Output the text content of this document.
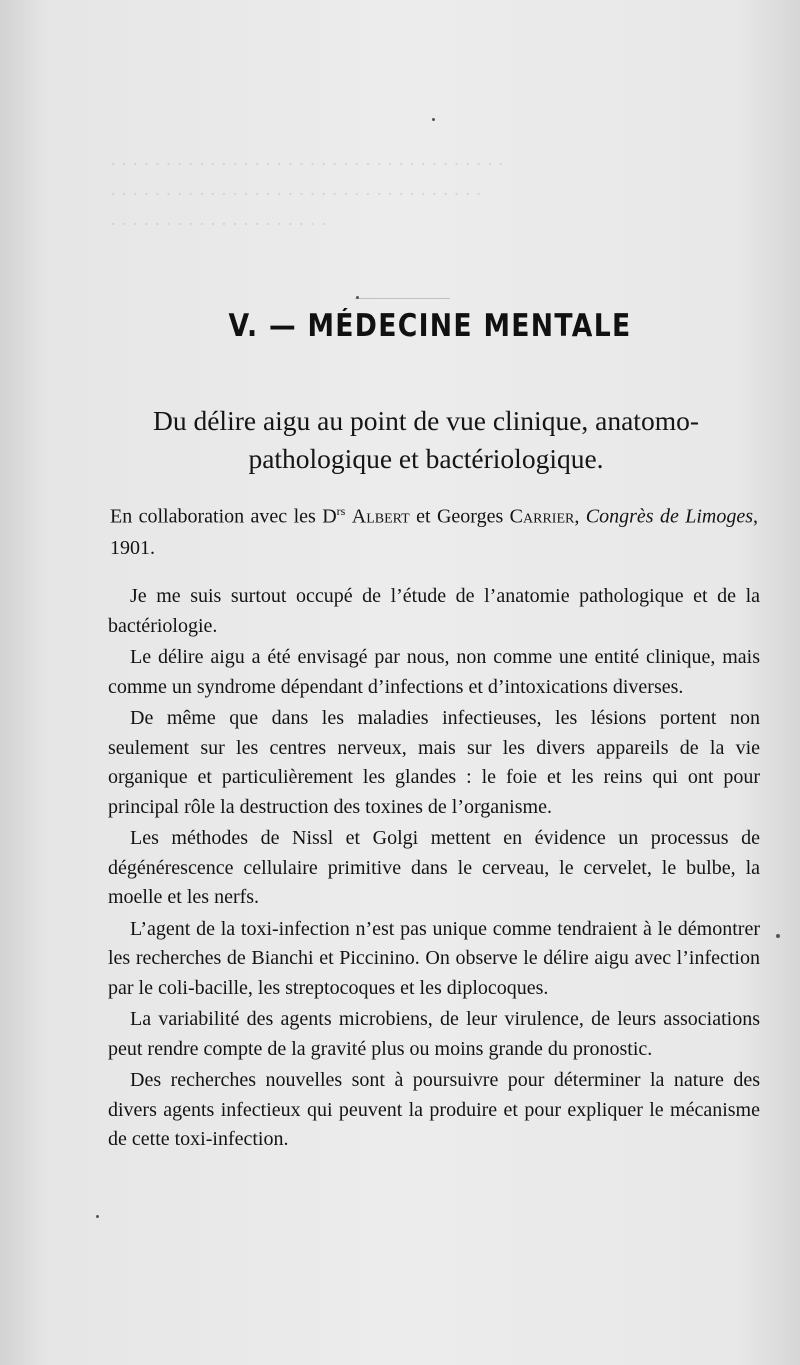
· · · · · · · · · · · · · · · · · · · · · · · · · · · · · · · · · · · ·
· · · · · · · · · · · · · · · · · · · · · · · · · · · · · · · · · ·
· · · · · · · · · · · · · · · · · · · ·
V. — MÉDECINE MENTALE
Du délire aigu au point de vue clinique, anatomo-pathologique et bactériologique.
En collaboration avec les $D^{rs}$ Albert et Georges Carrier, Congrès de Limoges, 1901.

Je me suis surtout occupé de l’étude de l’anatomie pathologique et de la bactériologie.

Le délire aigu a été envisagé par nous, non comme une entité clinique, mais comme un syndrome dépendant d’infections et d’intoxications diverses.

De même que dans les maladies infectieuses, les lésions portent non seulement sur les centres nerveux, mais sur les divers appareils de la vie organique et particulièrement les glandes : le foie et les reins qui ont pour principal rôle la destruction des toxines de l’organisme.

Les méthodes de Nissl et Golgi mettent en évidence un processus de dégénérescence cellulaire primitive dans le cerveau, le cervelet, le bulbe, la moelle et les nerfs.

L’agent de la toxi-infection n’est pas unique comme tendraient à le démontrer les recherches de Bianchi et Piccinino. On observe le délire aigu avec l’infection par le coli-bacille, les streptocoques et les diplocoques.

La variabilité des agents microbiens, de leur virulence, de leurs associations peut rendre compte de la gravité plus ou moins grande du pronostic.

Des recherches nouvelles sont à poursuivre pour déterminer la nature des divers agents infectieux qui peuvent la produire et pour expliquer le mécanisme de cette toxi-infection.
